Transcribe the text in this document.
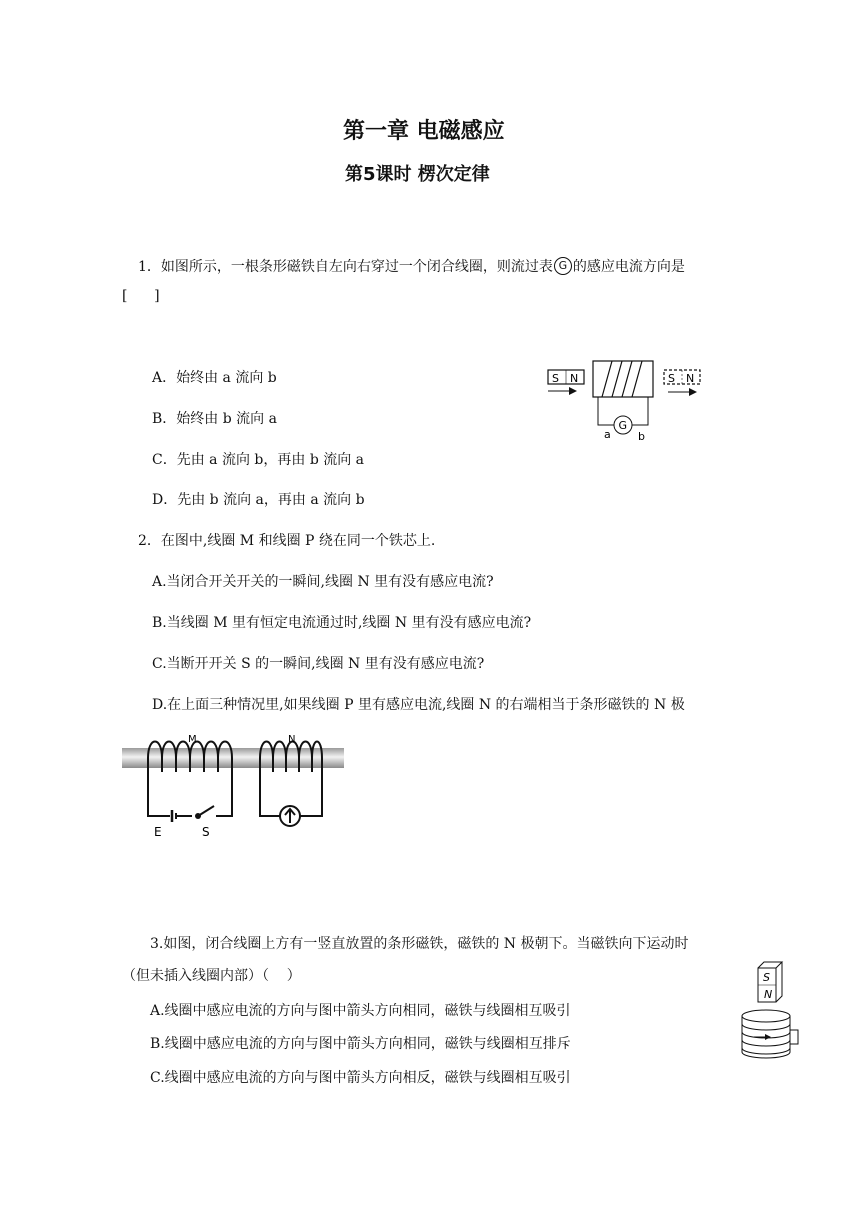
第一章 电磁感应
第5课时 楞次定律
1．如图所示，一根条形磁铁自左向右穿过一个闭合线圈，则流过表 G 的感应电流方向是
[      ]
A．始终由 a 流向 b
B．始终由 b 流向 a
C．先由 a 流向 b，再由 b 流向 a
D．先由 b 流向 a，再由 a 流向 b
S N	S N
G
a b
2．在图中,线圈 M 和线圈 P 绕在同一个铁芯上.
A.当闭合开关开关的一瞬间,线圈 N 里有没有感应电流?
B.当线圈 M 里有恒定电流通过时,线圈 N 里有没有感应电流?
C.当断开开关 S 的一瞬间,线圈 N 里有没有感应电流?
D.在上面三种情况里,如果线圈 P 里有感应电流,线圈 N 的右端相当于条形磁铁的 N 极
M
E	S
N
3.如图，闭合线圈上方有一竖直放置的条形磁铁，磁铁的 N 极朝下。当磁铁向下运动时
（但未插入线圈内部）（    ）
A.线圈中感应电流的方向与图中箭头方向相同，磁铁与线圈相互吸引
B.线圈中感应电流的方向与图中箭头方向相同，磁铁与线圈相互排斥
C.线圈中感应电流的方向与图中箭头方向相反，磁铁与线圈相互吸引
S
N
